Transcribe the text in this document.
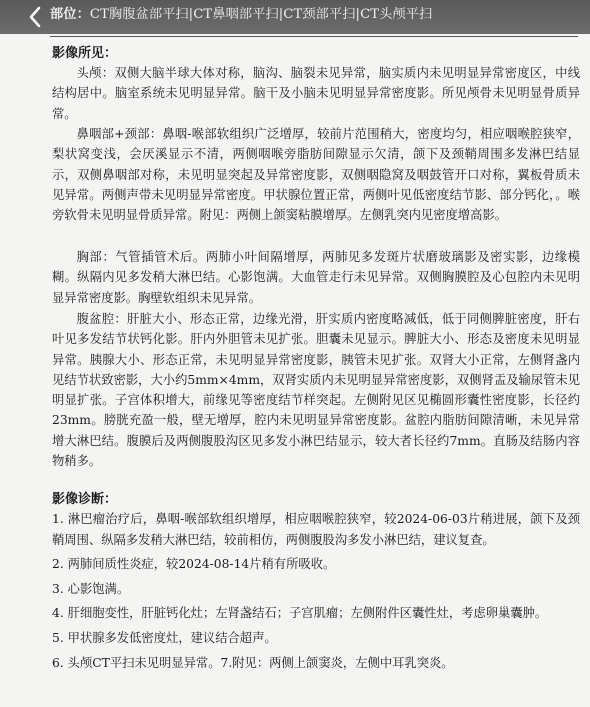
部位：CT胸腹盆部平扫|CT鼻咽部平扫|CT颈部平扫|CT头颅平扫
影像所见：

头颅：双侧大脑半球大体对称，脑沟、脑裂未见异常，脑实质内未见明显异常密度区，中线结构居中。脑室系统未见明显异常。脑干及小脑未见明显异常密度影。所见颅骨未见明显骨质异常。

鼻咽部+颈部：鼻咽-喉部软组织广泛增厚，较前片范围稍大，密度均匀，相应咽喉腔狭窄，梨状窝变浅，会厌溪显示不清，两侧咽喉旁脂肪间隙显示欠清，颌下及颈鞘周围多发淋巴结显示，双侧鼻咽部对称，未见明显突起及异常密度影，双侧咽隐窝及咽鼓管开口对称，翼板骨质未见异常。两侧声带未见明显异常密度。甲状腺位置正常，两侧叶见低密度结节影、部分钙化，。喉旁软骨未见明显骨质异常。附见：两侧上颌窦粘膜增厚。左侧乳突内见密度增高影。

胸部：气管插管术后。两肺小叶间隔增厚，两肺见多发斑片状磨玻璃影及密实影，边缘模糊。纵隔内见多发稍大淋巴结。心影饱满。大血管走行未见异常。双侧胸膜腔及心包腔内未见明显异常密度影。胸壁软组织未见异常。

腹盆腔：肝脏大小、形态正常，边缘光滑，肝实质内密度略减低，低于同侧脾脏密度，肝右叶见多发结节状钙化影。肝内外胆管未见扩张。胆囊未见显示。脾脏大小、形态及密度未见明显异常。胰腺大小、形态正常，未见明显异常密度影，胰管未见扩张。双肾大小正常，左侧肾盏内见结节状致密影，大小约5mm×4mm，双肾实质内未见明显异常密度影，双侧肾盂及输尿管未见明显扩张。子宫体积增大，前缘见等密度结节样突起。左侧附见区见椭圆形囊性密度影，长径约23mm。膀胱充盈一般，壁无增厚，腔内未见明显异常密度影。盆腔内脂肪间隙清晰，未见异常增大淋巴结。腹膜后及两侧腹股沟区见多发小淋巴结显示，较大者长径约7mm。直肠及结肠内容物稍多。

影像诊断：
1. 淋巴瘤治疗后，鼻咽-喉部软组织增厚，相应咽喉腔狭窄，较2024-06-03片稍进展，颌下及颈鞘周围、纵隔多发稍大淋巴结，较前相仿，两侧腹股沟多发小淋巴结，建议复查。
2. 两肺间质性炎症，较2024-08-14片稍有所吸收。
3. 心影饱满。
4. 肝细胞变性，肝脏钙化灶；左肾盏结石；子宫肌瘤；左侧附件区囊性灶，考虑卵巢囊肿。
5. 甲状腺多发低密度灶，建议结合超声。
6. 头颅CT平扫未见明显异常。7.附见：两侧上颌窦炎，左侧中耳乳突炎。
